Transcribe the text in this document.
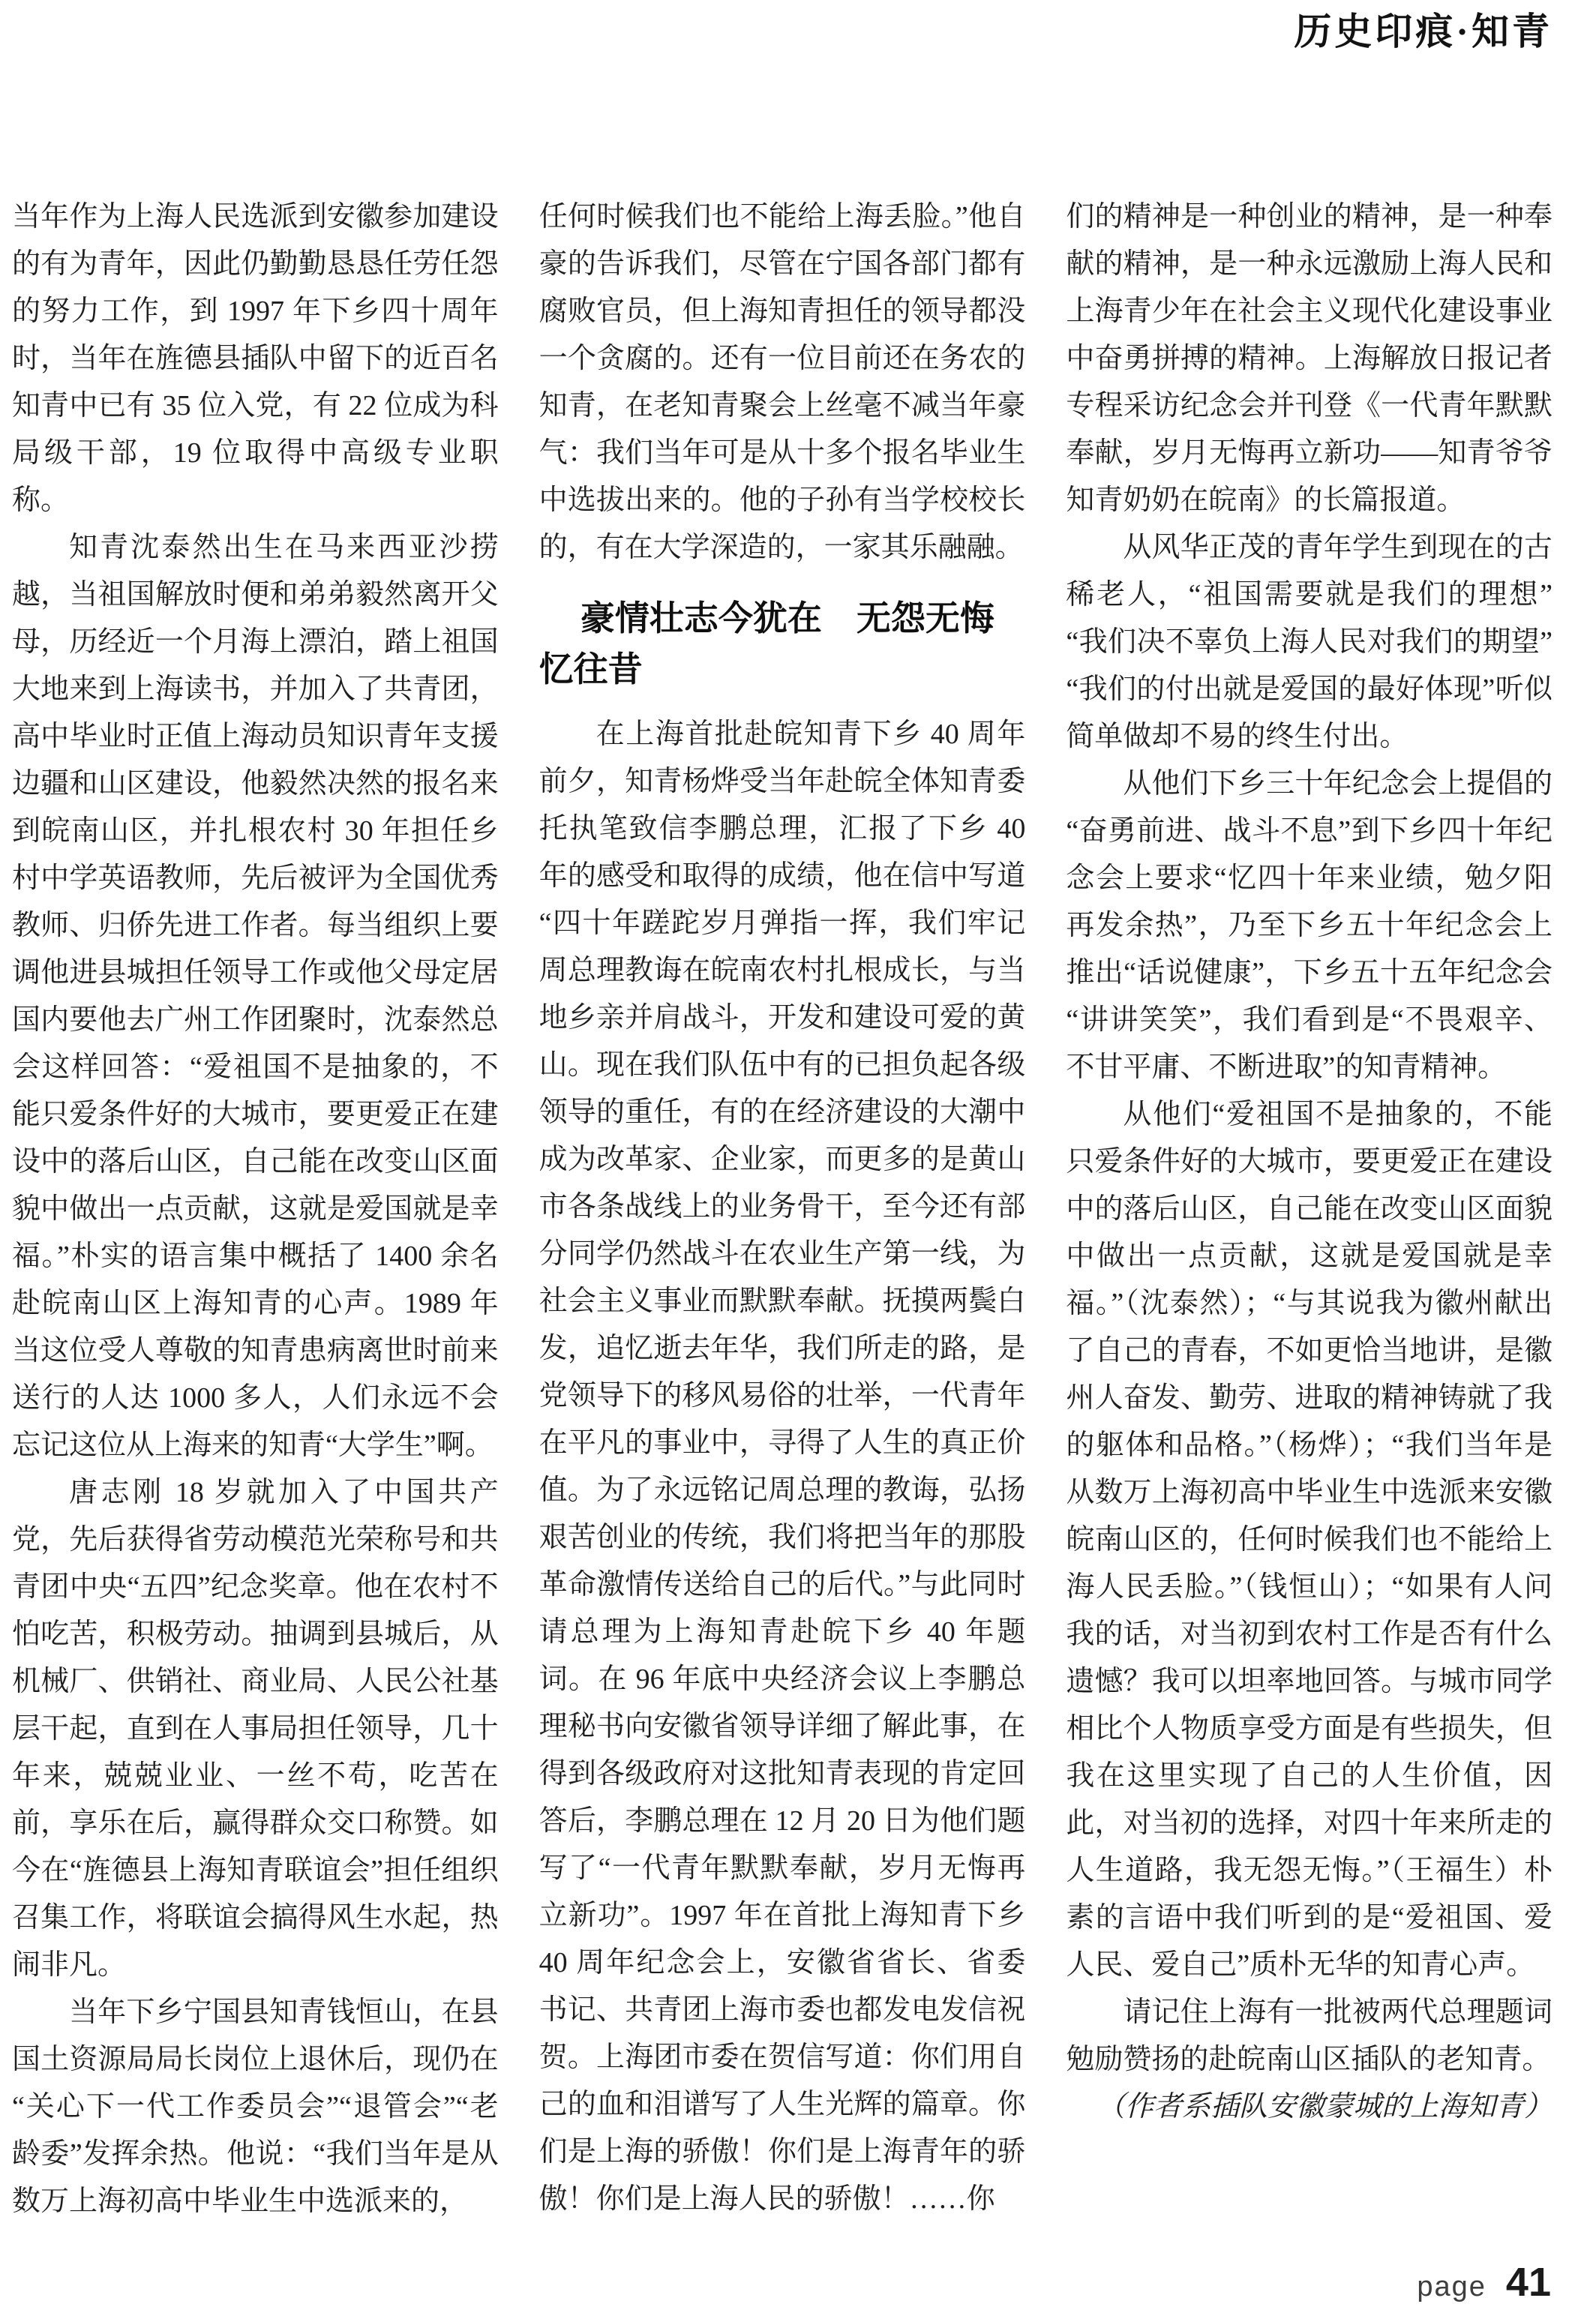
历史印痕·知青
当年作为上海人民选派到安徽参加建设的有为青年，因此仍勤勤恳恳任劳任怨的努力工作，到 1997 年下乡四十周年时，当年在旌德县插队中留下的近百名知青中已有 35 位入党，有 22 位成为科局级干部，19 位取得中高级专业职称。
知青沈泰然出生在马来西亚沙捞越，当祖国解放时便和弟弟毅然离开父母，历经近一个月海上漂泊，踏上祖国大地来到上海读书，并加入了共青团，高中毕业时正值上海动员知识青年支援边疆和山区建设，他毅然决然的报名来到皖南山区，并扎根农村 30 年担任乡村中学英语教师，先后被评为全国优秀教师、归侨先进工作者。每当组织上要调他进县城担任领导工作或他父母定居国内要他去广州工作团聚时，沈泰然总会这样回答：“爱祖国不是抽象的，不能只爱条件好的大城市，要更爱正在建设中的落后山区，自己能在改变山区面貌中做出一点贡献，这就是爱国就是幸福。”朴实的语言集中概括了 1400 余名赴皖南山区上海知青的心声。1989 年当这位受人尊敬的知青患病离世时前来送行的人达 1000 多人，人们永远不会忘记这位从上海来的知青“大学生”啊。
唐志刚 18 岁就加入了中国共产党，先后获得省劳动模范光荣称号和共青团中央“五四”纪念奖章。他在农村不怕吃苦，积极劳动。抽调到县城后，从机械厂、供销社、商业局、人民公社基层干起，直到在人事局担任领导，几十年来，兢兢业业、一丝不苟，吃苦在前，享乐在后，赢得群众交口称赞。如今在“旌德县上海知青联谊会”担任组织召集工作，将联谊会搞得风生水起，热闹非凡。
当年下乡宁国县知青钱恒山，在县国土资源局局长岗位上退休后，现仍在“关心下一代工作委员会”“退管会”“老龄委”发挥余热。他说：“我们当年是从数万上海初高中毕业生中选派来的，
任何时候我们也不能给上海丢脸。”他自豪的告诉我们，尽管在宁国各部门都有腐败官员，但上海知青担任的领导都没一个贪腐的。还有一位目前还在务农的知青，在老知青聚会上丝毫不减当年豪气：我们当年可是从十多个报名毕业生中选拔出来的。他的子孙有当学校校长的，有在大学深造的，一家其乐融融。
豪情壮志今犹在　无怨无悔忆往昔
在上海首批赴皖知青下乡 40 周年前夕，知青杨烨受当年赴皖全体知青委托执笔致信李鹏总理，汇报了下乡 40 年的感受和取得的成绩，他在信中写道“四十年蹉跎岁月弹指一挥，我们牢记周总理教诲在皖南农村扎根成长，与当地乡亲并肩战斗，开发和建设可爱的黄山。现在我们队伍中有的已担负起各级领导的重任，有的在经济建设的大潮中成为改革家、企业家，而更多的是黄山市各条战线上的业务骨干，至今还有部分同学仍然战斗在农业生产第一线，为社会主义事业而默默奉献。抚摸两鬓白发，追忆逝去年华，我们所走的路，是党领导下的移风易俗的壮举，一代青年在平凡的事业中，寻得了人生的真正价值。为了永远铭记周总理的教诲，弘扬艰苦创业的传统，我们将把当年的那股革命激情传送给自己的后代。”与此同时请总理为上海知青赴皖下乡 40 年题词。在 96 年底中央经济会议上李鹏总理秘书向安徽省领导详细了解此事，在得到各级政府对这批知青表现的肯定回答后，李鹏总理在 12 月 20 日为他们题写了“一代青年默默奉献，岁月无悔再立新功”。1997 年在首批上海知青下乡 40 周年纪念会上，安徽省省长、省委书记、共青团上海市委也都发电发信祝贺。上海团市委在贺信写道：你们用自己的血和泪谱写了人生光辉的篇章。你们是上海的骄傲！你们是上海青年的骄傲！你们是上海人民的骄傲！……你
们的精神是一种创业的精神，是一种奉献的精神，是一种永远激励上海人民和上海青少年在社会主义现代化建设事业中奋勇拼搏的精神。上海解放日报记者专程采访纪念会并刊登《一代青年默默奉献，岁月无悔再立新功——知青爷爷知青奶奶在皖南》的长篇报道。
从风华正茂的青年学生到现在的古稀老人，“祖国需要就是我们的理想”“我们决不辜负上海人民对我们的期望”“我们的付出就是爱国的最好体现”听似简单做却不易的终生付出。
从他们下乡三十年纪念会上提倡的“奋勇前进、战斗不息”到下乡四十年纪念会上要求“忆四十年来业绩，勉夕阳再发余热”，乃至下乡五十年纪念会上推出“话说健康”，下乡五十五年纪念会“讲讲笑笑”，我们看到是“不畏艰辛、不甘平庸、不断进取”的知青精神。
从他们“爱祖国不是抽象的，不能只爱条件好的大城市，要更爱正在建设中的落后山区，自己能在改变山区面貌中做出一点贡献，这就是爱国就是幸福。”（沈泰然）；“与其说我为徽州献出了自己的青春，不如更恰当地讲，是徽州人奋发、勤劳、进取的精神铸就了我的躯体和品格。”（杨烨）；“我们当年是从数万上海初高中毕业生中选派来安徽皖南山区的，任何时候我们也不能给上海人民丢脸。”（钱恒山）；“如果有人问我的话，对当初到农村工作是否有什么遗憾？我可以坦率地回答。与城市同学相比个人物质享受方面是有些损失，但我在这里实现了自己的人生价值，因此，对当初的选择，对四十年来所走的人生道路，我无怨无悔。”（王福生）朴素的言语中我们听到的是“爱祖国、爱人民、爱自己”质朴无华的知青心声。
请记住上海有一批被两代总理题词勉励赞扬的赴皖南山区插队的老知青。
（作者系插队安徽蒙城的上海知青）
page 41
